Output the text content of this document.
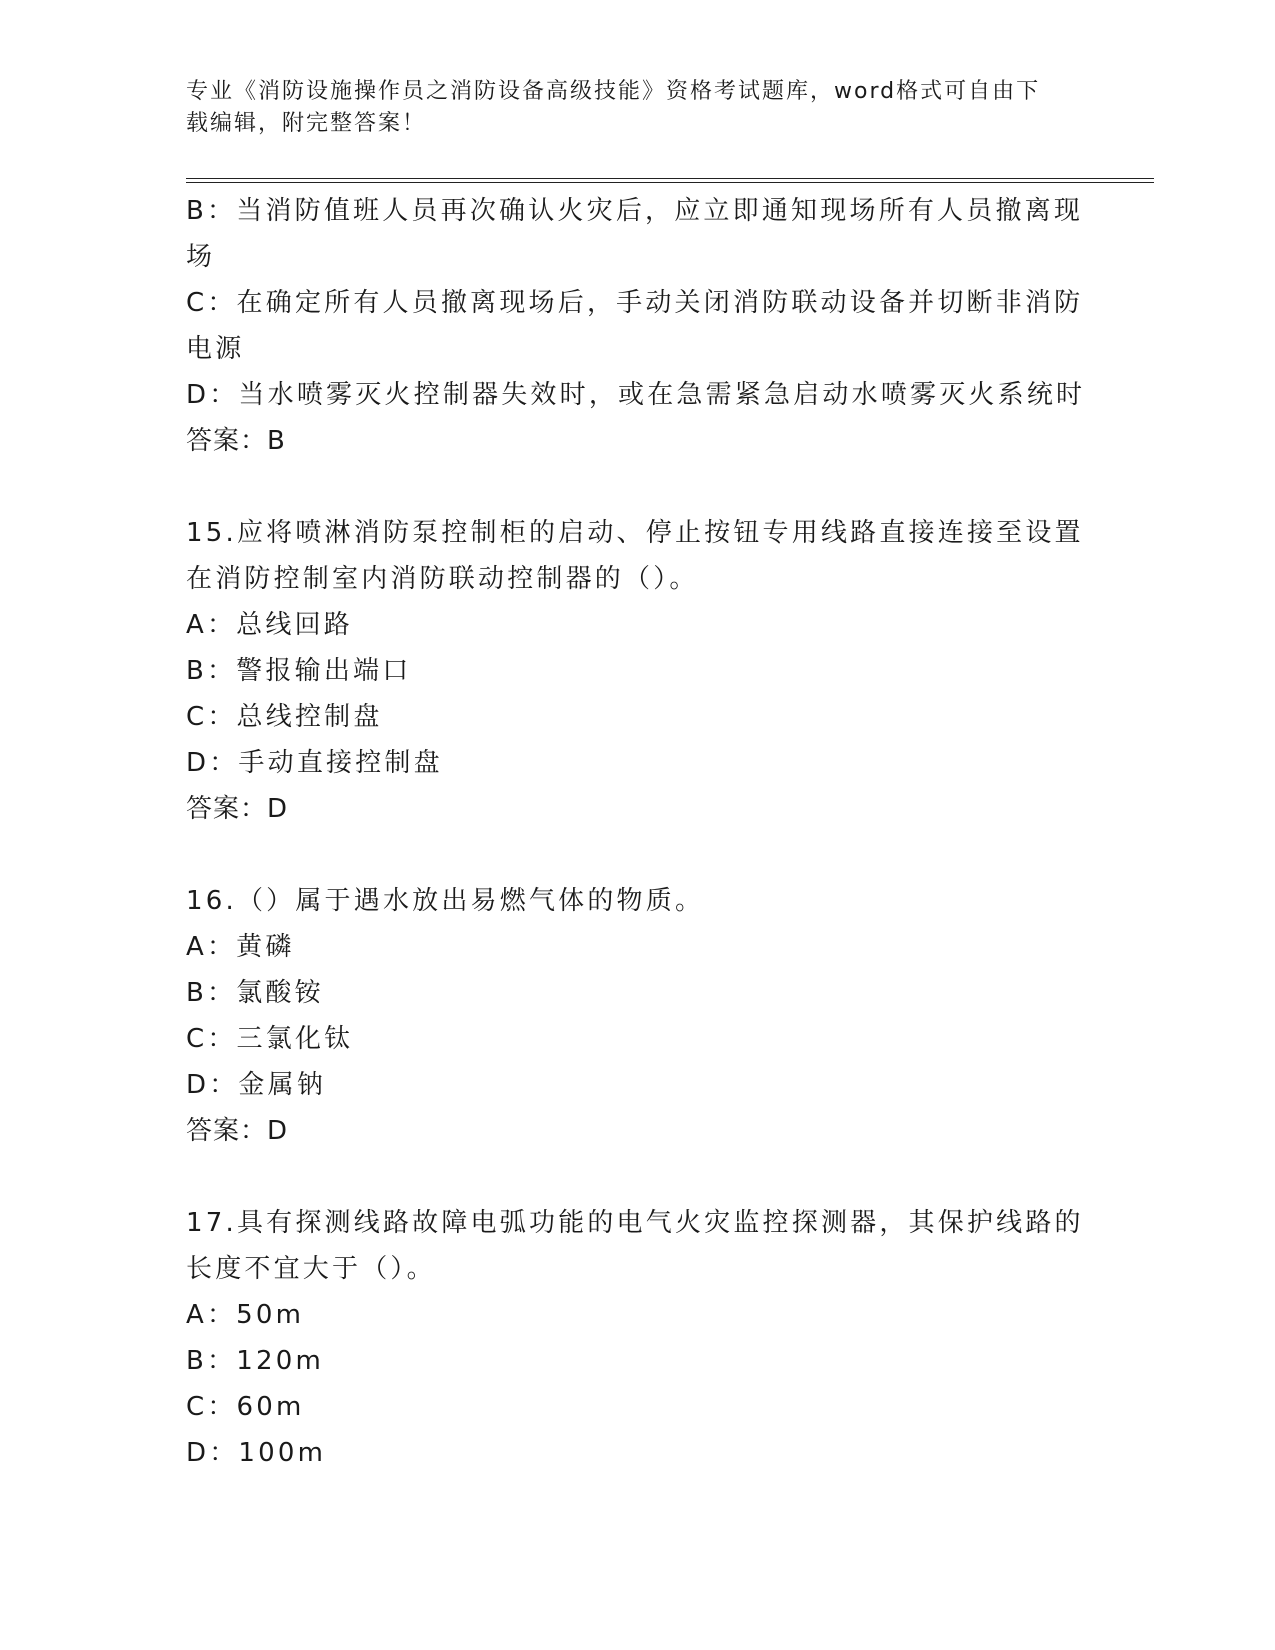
专业《消防设施操作员之消防设备高级技能》资格考试题库，word格式可自由下
载编辑，附完整答案！
B：当消防值班人员再次确认火灾后，应立即通知现场所有人员撤离现
场
C：在确定所有人员撤离现场后，手动关闭消防联动设备并切断非消防
电源
D：当水喷雾灭火控制器失效时，或在急需紧急启动水喷雾灭火系统时
答案：B
15.应将喷淋消防泵控制柜的启动、停止按钮专用线路直接连接至设置
在消防控制室内消防联动控制器的（）。
A：总线回路
B：警报输出端口
C：总线控制盘
D：手动直接控制盘
答案：D
16.（）属于遇水放出易燃气体的物质。
A：黄磷
B：氯酸铵
C：三氯化钛
D：金属钠
答案：D
17.具有探测线路故障电弧功能的电气火灾监控探测器，其保护线路的
长度不宜大于（）。
A：50m
B：120m
C：60m
D：100m
